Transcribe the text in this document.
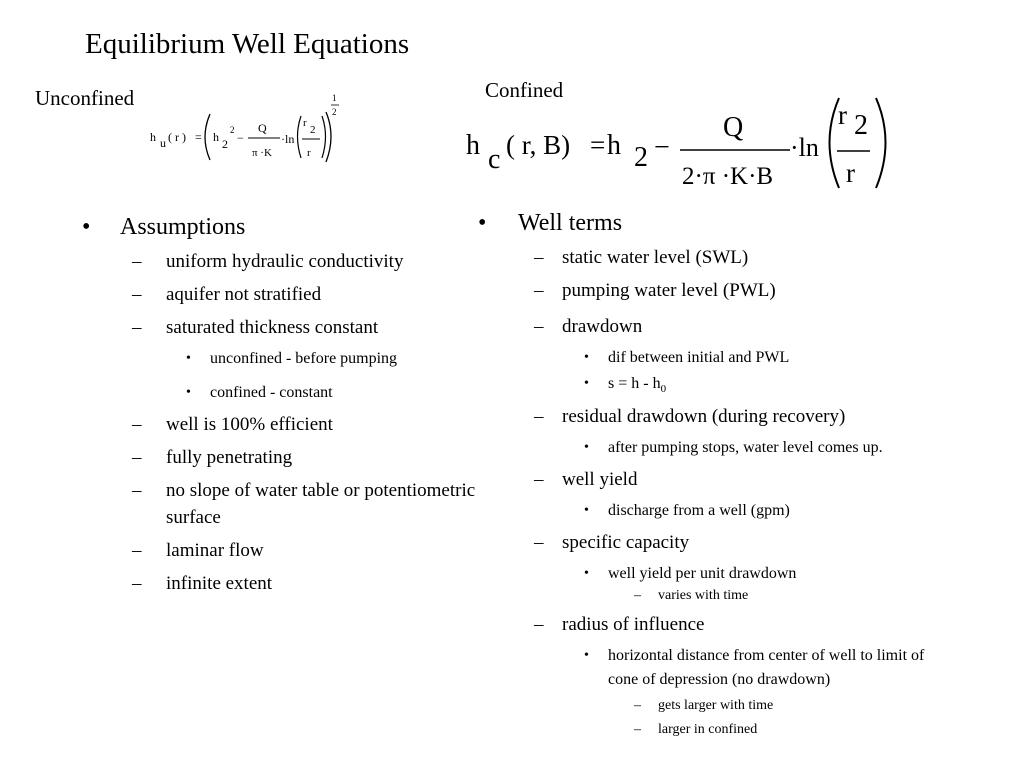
Equilibrium Well Equations
Unconfined	Confined
h u ( r ) = h 2
2
−
Q
π ·K
·ln
r
2
r
1
2
h c ( r, B) = h 2 −
Q
2·π ·K·B
·ln
r 2
r
• Assumptions
– uniform hydraulic conductivity
– aquifer not stratified
– saturated thickness constant
• unconfined - before pumping
• confined - constant
– well is 100% efficient
– fully penetrating
– no slope of water table or potentiometric surface
– laminar flow
– infinite extent
• Well terms
– static water level (SWL)
– pumping water level (PWL)
– drawdown
• dif between initial and PWL
• $s = h - h_0$
– residual drawdown (during recovery)
• after pumping stops, water level comes up.
– well yield
• discharge from a well (gpm)
– specific capacity
• well yield per unit drawdown
– varies with time
– radius of influence
• horizontal distance from center of well to limit of cone of depression (no drawdown)
– gets larger with time
– larger in confined
